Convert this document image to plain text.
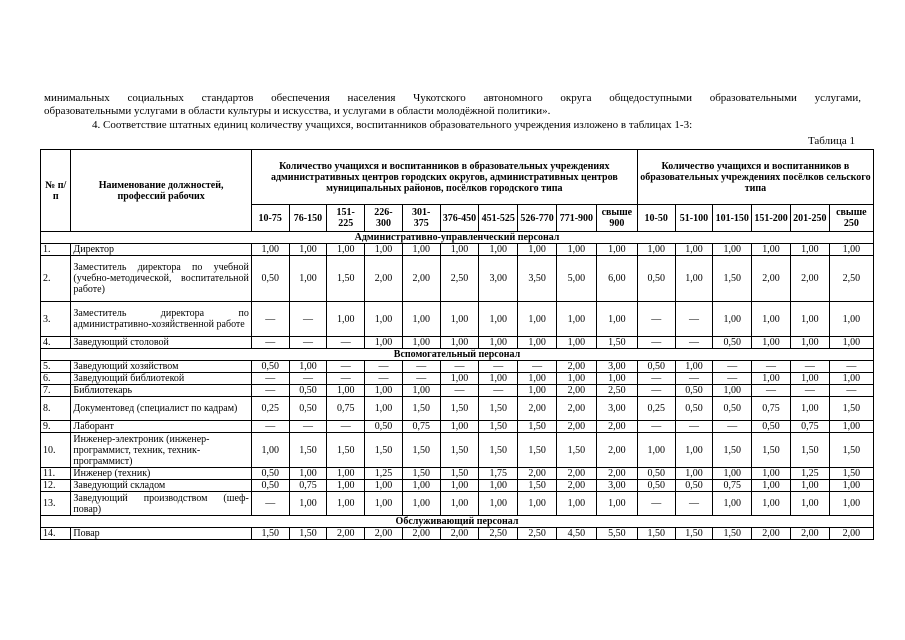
минимальных социальных стандартов обеспечения населения Чукотского автономного округа общедоступными образовательными услугами,
образовательными услугами в области культуры и искусства, и услугами в области молодёжной политики».
4. Соответствие штатных единиц количеству учащихся, воспитанников образовательного учреждения изложено в таблицах 1-3:
Таблица 1
№ п/п	Наименование должностей, профессий рабочих	Количество учащихся и воспитанников в образовательных учреждениях административных центров городских округов, административных центров муниципальных районов, посёлков городского типа										Количество учащихся и воспитанников в образовательных учреждениях посёлков сельского типа					
		10-75	76-150	151-225	226-300	301-375	376-450	451-525	526-770	771-900	свыше 900	10-50	51-100	101-150	151-200	201-250	свыше 250
Административно-управленческий персонал																	
1.	Директор	1,00	1,00	1,00	1,00	1,00	1,00	1,00	1,00	1,00	1,00	1,00	1,00	1,00	1,00	1,00	1,00
2.	Заместитель директора по учебной (учебно-методической, воспитательной работе)	0,50	1,00	1,50	2,00	2,00	2,50	3,00	3,50	5,00	6,00	0,50	1,00	1,50	2,00	2,00	2,50
3.	Заместитель директора по административно-хозяйственной работе	—	—	1,00	1,00	1,00	1,00	1,00	1,00	1,00	1,00	—	—	1,00	1,00	1,00	1,00
4.	Заведующий столовой	—	—	—	1,00	1,00	1,00	1,00	1,00	1,00	1,50	—	—	0,50	1,00	1,00	1,00
Вспомогательный персонал																	
5.	Заведующий хозяйством	0,50	1,00	—	—	—	—	—	—	2,00	3,00	0,50	1,00	—	—	—	—
6.	Заведующий библиотекой	—	—	—	—	—	1,00	1,00	1,00	1,00	1,00	—	—	—	1,00	1,00	1,00
7.	Библиотекарь	—	0,50	1,00	1,00	1,00	—	—	1,00	2,00	2,50	—	0,50	1,00	—	—	—
8.	Документовед (специалист по кадрам)	0,25	0,50	0,75	1,00	1,50	1,50	1,50	2,00	2,00	3,00	0,25	0,50	0,50	0,75	1,00	1,50
9.	Лаборант	—	—	—	0,50	0,75	1,00	1,50	1,50	2,00	2,00	—	—	—	0,50	0,75	1,00
10.	Инженер-электроник (инженер-программист, техник, техник-программист)	1,00	1,50	1,50	1,50	1,50	1,50	1,50	1,50	1,50	2,00	1,00	1,00	1,50	1,50	1,50	1,50
11.	Инженер (техник)	0,50	1,00	1,00	1,25	1,50	1,50	1,75	2,00	2,00	2,00	0,50	1,00	1,00	1,00	1,25	1,50
12.	Заведующий складом	0,50	0,75	1,00	1,00	1,00	1,00	1,00	1,50	2,00	3,00	0,50	0,50	0,75	1,00	1,00	1,00
13.	Заведующий производством (шеф-повар)	—	1,00	1,00	1,00	1,00	1,00	1,00	1,00	1,00	1,00	—	—	1,00	1,00	1,00	1,00
Обслуживающий персонал																	
14.	Повар	1,50	1,50	2,00	2,00	2,00	2,00	2,50	2,50	4,50	5,50	1,50	1,50	1,50	2,00	2,00	2,00
